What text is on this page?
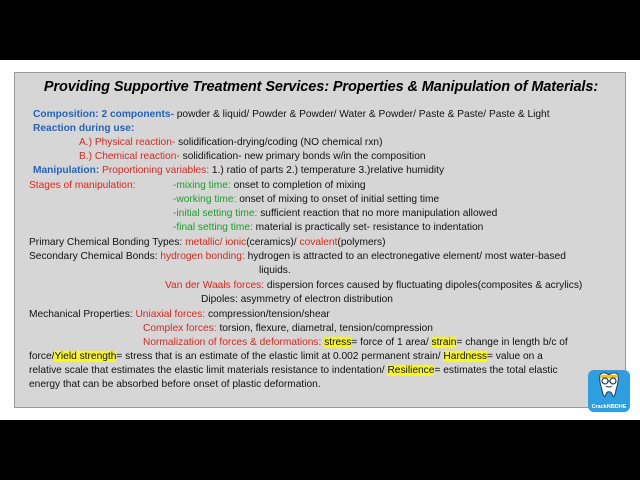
Providing Supportive Treatment Services: Properties & Manipulation of Materials:
Composition: 2 components- powder & liquid/ Powder & Powder/ Water & Powder/ Paste & Paste/ Paste & Light
Reaction during use:
A.) Physical reaction- solidification-drying/coding (NO chemical rxn)
B.) Chemical reaction- solidification- new primary bonds w/in the composition
Manipulation: Proportioning variables: 1.) ratio of parts 2.) temperature 3.)relative humidity
Stages of manipulation:	-mixing time: onset to completion of mixing
-working time: onset of mixing to onset of initial setting time
-initial setting time: sufficient reaction that no more manipulation allowed
-final setting time: material is practically set- resistance to indentation
Primary Chemical Bonding Types: metallic/ ionic(ceramics)/ covalent(polymers)
Secondary Chemical Bonds: hydrogen bonding: hydrogen is attracted to an electronegative element/ most water-based
liquids.
Van der Waals forces: dispersion forces caused by fluctuating dipoles(composites & acrylics)
Dipoles: asymmetry of electron distribution
Mechanical Properties: Uniaxial forces: compression/tension/shear
Complex forces: torsion, flexure, diametral, tension/compression
Normalization of forces & deformations: stress= force of 1 area/ strain= change in length b/c of
force/Yield strength= stress that is an estimate of the elastic limit at 0.002 permanent strain/ Hardness= value on a
relative scale that estimates the elastic limit materials resistance to indentation/ Resilience= estimates the total elastic
energy that can be absorbed before onset of plastic deformation.
CrackNBDHE
